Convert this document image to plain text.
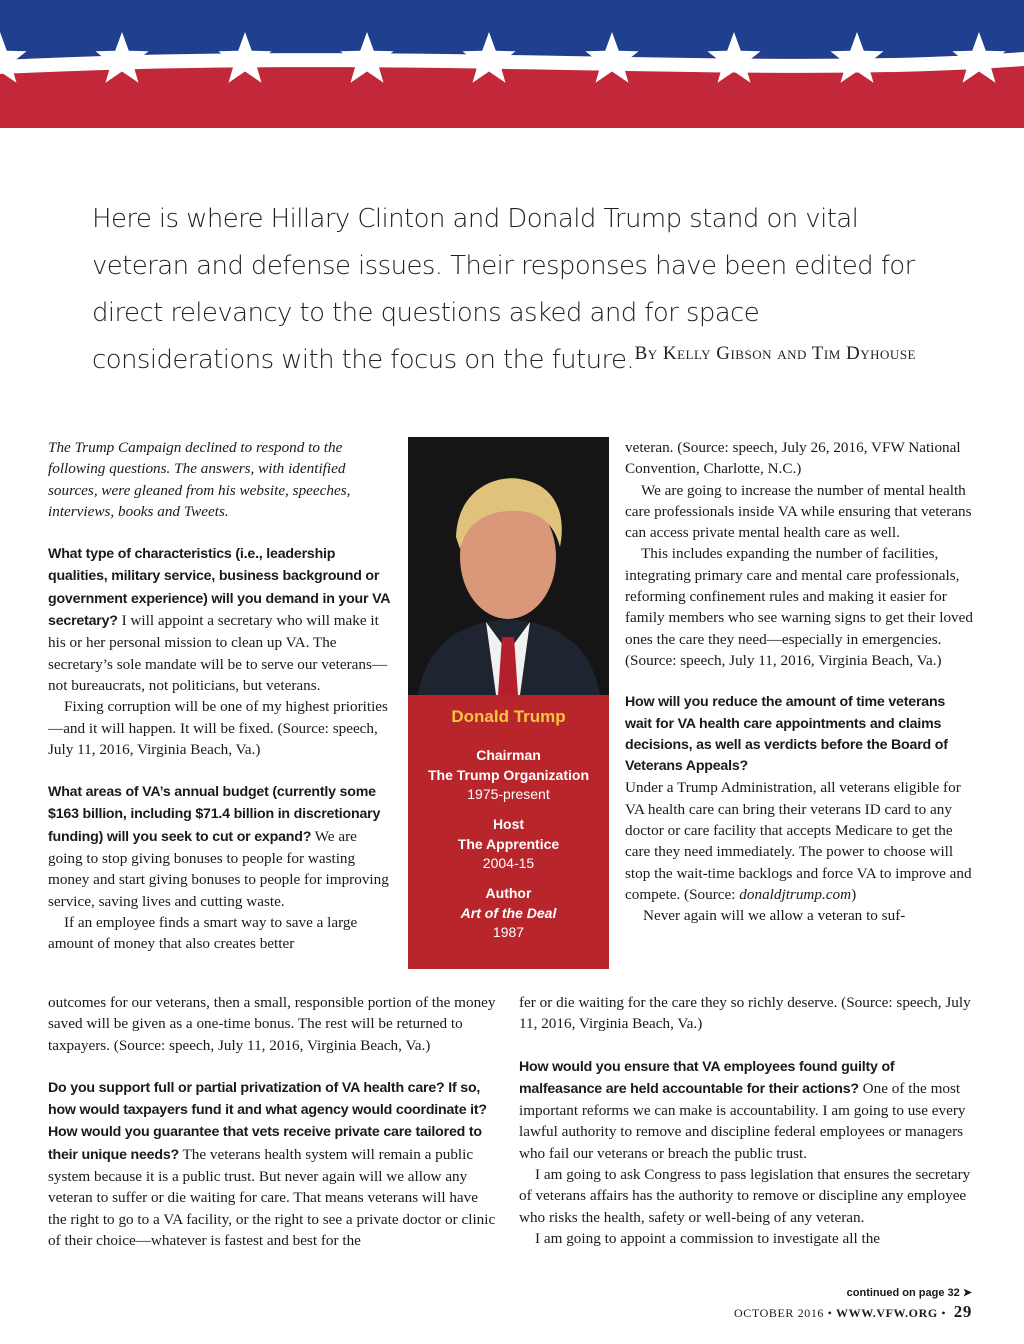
Here is where Hillary Clinton and Donald Trump stand on vital veteran and defense issues. Their responses have been edited for direct relevancy to the questions asked and for space considerations with the focus on the future. By Kelly Gibson and Tim Dyhouse

The Trump Campaign declined to respond to the following questions. The answers, with identified sources, were gleaned from his website, speeches, interviews, books and Tweets.

What type of characteristics (i.e., leadership qualities, military service, business background or government experience) will you demand in your VA secretary? I will appoint a secretary who will make it his or her personal mission to clean up VA. The secretary’s sole mandate will be to serve our veterans—not bureaucrats, not politicians, but veterans.

Fixing corruption will be one of my highest priorities—and it will happen. It will be fixed. (Source: speech, July 11, 2016, Virginia Beach, Va.)

What areas of VA’s annual budget (currently some $163 billion, including $71.4 billion in discretionary funding) will you seek to cut or expand? We are going to stop giving bonuses to people for wasting money and start giving bonuses to people for improving service, saving lives and cutting waste.

If an employee finds a smart way to save a large amount of money that also creates better

outcomes for our veterans, then a small, responsible portion of the money saved will be given as a one-time bonus. The rest will be returned to taxpayers. (Source: speech, July 11, 2016, Virginia Beach, Va.)

Do you support full or partial privatization of VA health care? If so, how would taxpayers fund it and what agency would coordinate it? How would you guarantee that vets receive private care tailored to their unique needs? The veterans health system will remain a public system because it is a public trust. But never again will we allow any veteran to suffer or die waiting for care. That means veterans will have the right to go to a VA facility, or the right to see a private doctor or clinic of their choice—whatever is fastest and best for the

Donald Trump
Chairman
The Trump Organization
1975-present
Host
The Apprentice
2004-15
Author
Art of the Deal
1987

veteran. (Source: speech, July 26, 2016, VFW National Convention, Charlotte, N.C.)

We are going to increase the number of mental health care professionals inside VA while ensuring that veterans can access private mental health care as well.

This includes expanding the number of facilities, integrating primary care and mental care professionals, reforming confinement rules and making it easier for family members who see warning signs to get their loved ones the care they need—especially in emergencies. (Source: speech, July 11, 2016, Virginia Beach, Va.)

How will you reduce the amount of time veterans wait for VA health care appointments and claims decisions, as well as verdicts before the Board of Veterans Appeals?

Under a Trump Administration, all veterans eligible for VA health care can bring their veterans ID card to any doctor or care facility that accepts Medicare to get the care they need immediately. The power to choose will stop the wait-time backlogs and force VA to improve and compete. (Source: donaldjtrump.com)

Never again will we allow a veteran to suf-

fer or die waiting for the care they so richly deserve. (Source: speech, July 11, 2016, Virginia Beach, Va.)

How would you ensure that VA employees found guilty of malfeasance are held accountable for their actions? One of the most important reforms we can make is accountability. I am going to use every lawful authority to remove and discipline federal employees or managers who fail our veterans or breach the public trust.

I am going to ask Congress to pass legislation that ensures the secretary of veterans affairs has the authority to remove or discipline any employee who risks the health, safety or well-being of any veteran.

I am going to appoint a commission to investigate all the

continued on page 32 ➤
OCTOBER 2016 • WWW.VFW.ORG • 29
